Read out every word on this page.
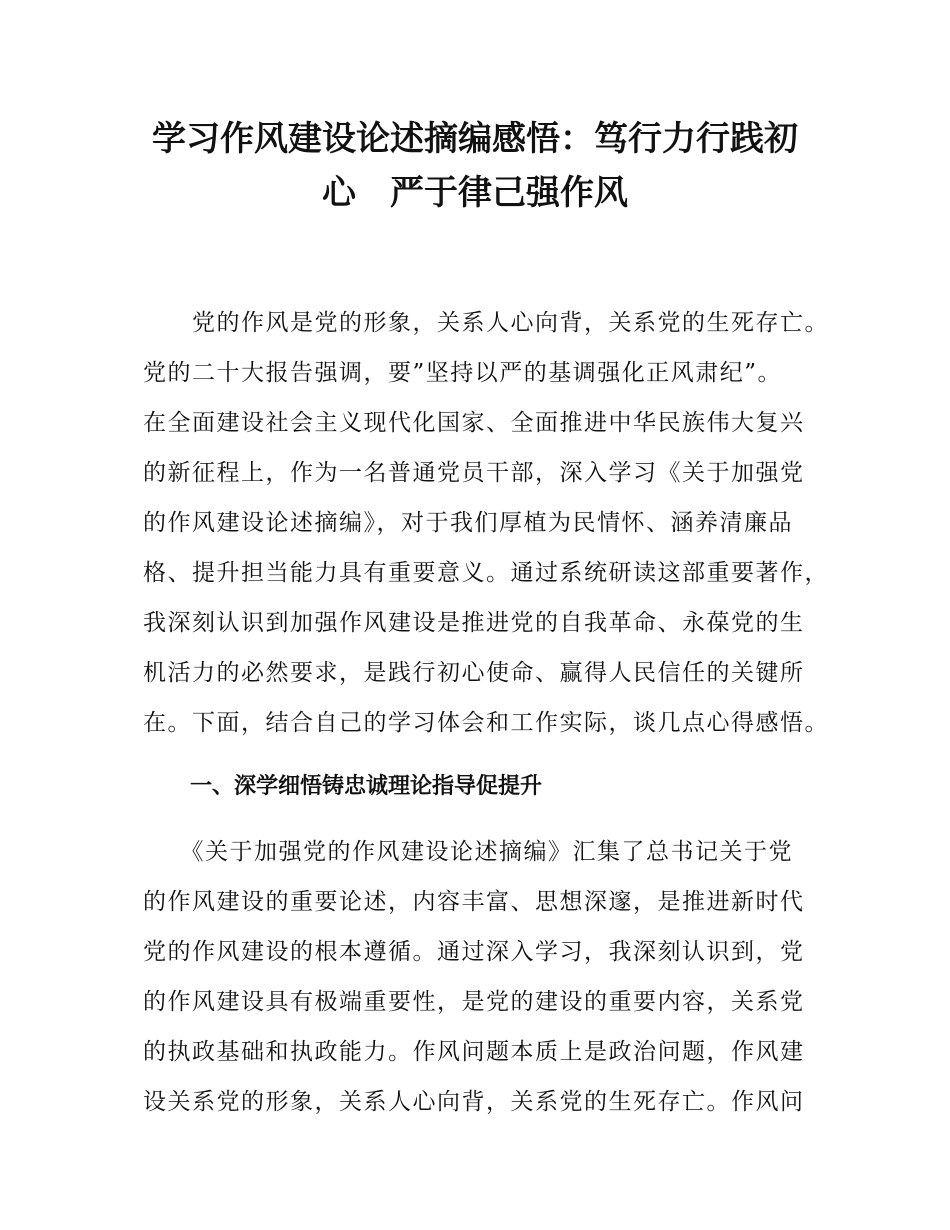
学习作风建设论述摘编感悟：笃行力行践初
心　严于律己强作风
　　党的作风是党的形象，关系人心向背，关系党的生死存亡。
党的二十大报告强调，要”坚持以严的基调强化正风肃纪”。
在全面建设社会主义现代化国家、全面推进中华民族伟大复兴
的新征程上，作为一名普通党员干部，深入学习《关于加强党
的作风建设论述摘编》，对于我们厚植为民情怀、涵养清廉品
格、提升担当能力具有重要意义。通过系统研读这部重要著作，
我深刻认识到加强作风建设是推进党的自我革命、永葆党的生
机活力的必然要求，是践行初心使命、赢得人民信任的关键所
在。下面，结合自己的学习体会和工作实际，谈几点心得感悟。
一、深学细悟铸忠诚理论指导促提升
　　《关于加强党的作风建设论述摘编》汇集了总书记关于党
的作风建设的重要论述，内容丰富、思想深邃，是推进新时代
党的作风建设的根本遵循。通过深入学习，我深刻认识到，党
的作风建设具有极端重要性，是党的建设的重要内容，关系党
的执政基础和执政能力。作风问题本质上是政治问题，作风建
设关系党的形象，关系人心向背，关系党的生死存亡。作风问
